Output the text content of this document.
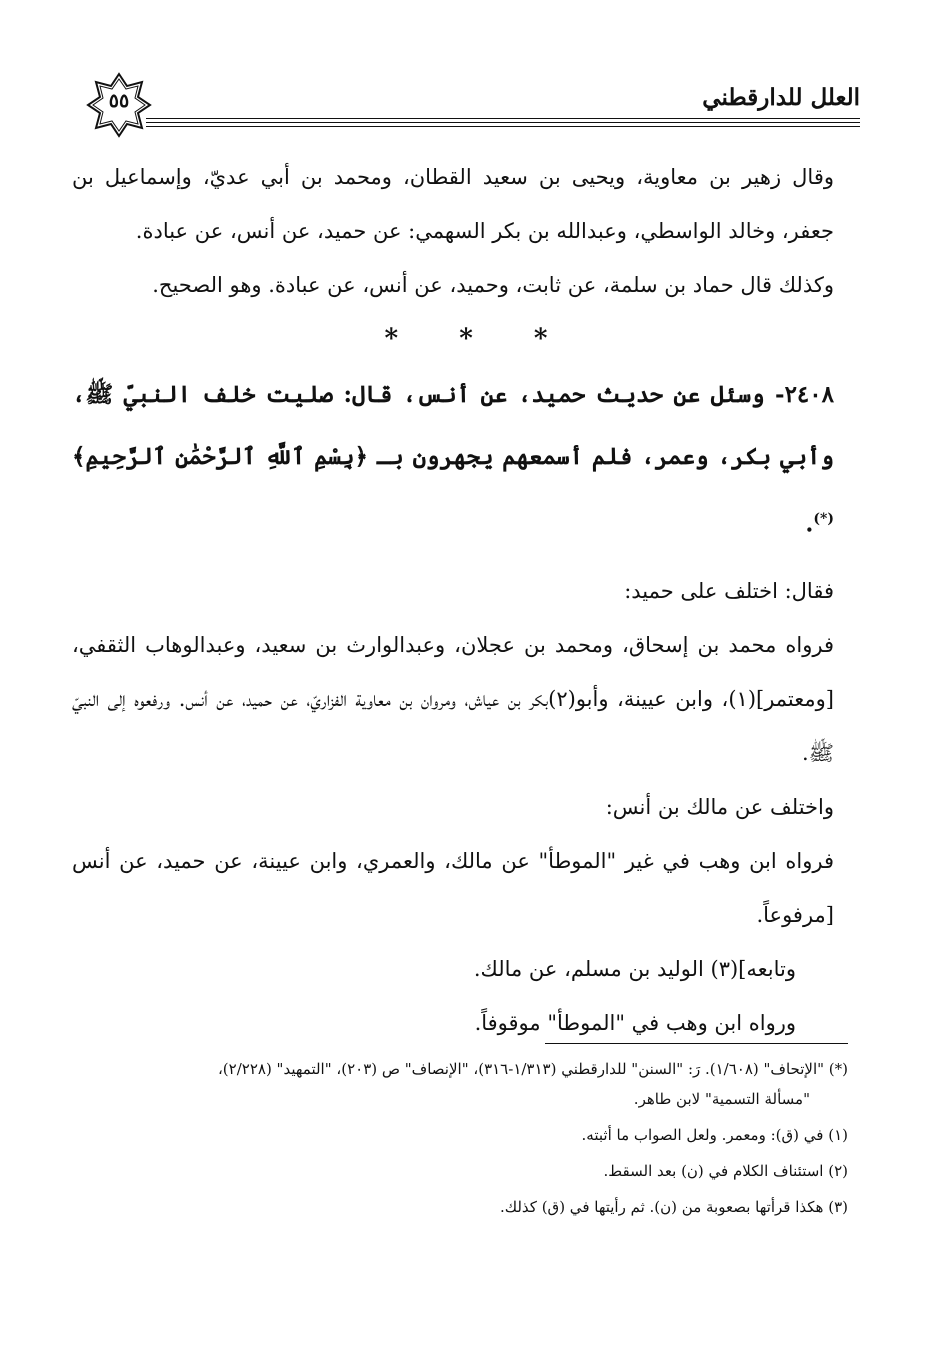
٥٥	العلل للدارقطني

وقال زهير بن معاوية، ويحيى بن سعيد القطان، ومحمد بن أبي عديّ، وإسماعيل بن جعفر، وخالد الواسطي، وعبدالله بن بكر السهمي: عن حميد، عن أنس، عن عبادة.

وكذلك قال حماد بن سلمة، عن ثابت، وحميد، عن أنس، عن عبادة. وهو الصحيح.

* * *

٢٤٠٨- وسئل عن حديث حميد، عن أنس، قال: صليت خلف النبيّ ﷺ، وأبي بكر، وعمر، فلم أسمعهم يجهرون بـ ﴿بِسْمِ ٱللَّهِ ٱلرَّحْمَٰنِ ٱلرَّحِيمِ﴾(*).

فقال: اختلف على حميد:

فرواه محمد بن إسحاق، ومحمد بن عجلان، وعبدالوارث بن سعيد، وعبدالوهاب الثقفي، [ومعتمر](١)، وابن عيينة، وأبو(٢)بكر بن عياش، ومروان بن معاوية الفزاريّ، عن حميد، عن أنس. ورفعوه إلى النبيّ ﷺ.

واختلف عن مالك بن أنس:

فرواه ابن وهب في غير "الموطأ" عن مالك، والعمري، وابن عيينة، عن حميد، عن أنس [مرفوعاً.

وتابعه](٣) الوليد بن مسلم، عن مالك.

ورواه ابن وهب في "الموطأ" موقوفاً.

(*) "الإتحاف" (١/٦٠٨). رَ: "السنن" للدارقطني (١/٣١٣-٣١٦)، "الإنصاف" ص (٢٠٣)، "التمهيد" (٢/٢٢٨)،
"مسألة التسمية" لابن طاهر.

(١) في (ق): ومعمر. ولعل الصواب ما أثبته.

(٢) استئناف الكلام في (ن) بعد السقط.

(٣) هكذا قرأتها بصعوبة من (ن). ثم رأيتها في (ق) كذلك.
